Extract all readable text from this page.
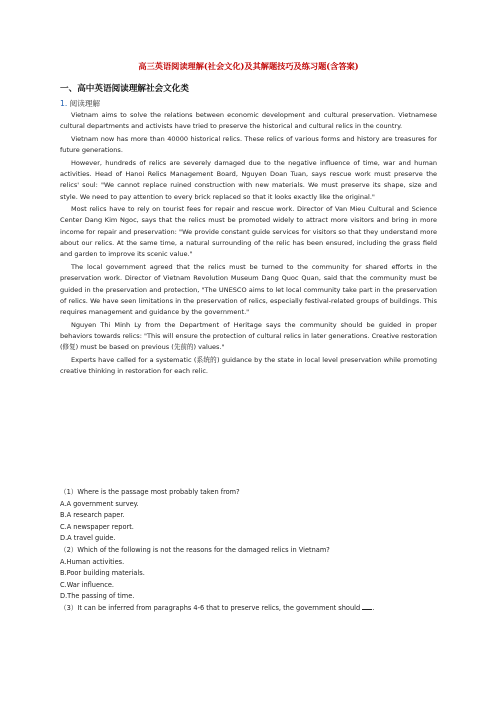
高三英语阅读理解(社会文化)及其解题技巧及练习题(含答案)
一、高中英语阅读理解社会文化类
1. 阅读理解

Vietnam aims to solve the relations between economic development and cultural preservation. Vietnamese cultural departments and activists have tried to preserve the historical and cultural relics in the country.

Vietnam now has more than 40000 historical relics. These relics of various forms and history are treasures for future generations.

However, hundreds of relics are severely damaged due to the negative influence of time, war and human activities. Head of Hanoi Relics Management Board, Nguyen Doan Tuan, says rescue work must preserve the relics' soul: "We cannot replace ruined construction with new materials. We must preserve its shape, size and style. We need to pay attention to every brick replaced so that it looks exactly like the original."

Most relics have to rely on tourist fees for repair and rescue work. Director of Van Mieu Cultural and Science Center Dang Kim Ngoc, says that the relics must be promoted widely to attract more visitors and bring in more income for repair and preservation: "We provide constant guide services for visitors so that they understand more about our relics. At the same time, a natural surrounding of the relic has been ensured, including the grass field and garden to improve its scenic value."

The local government agreed that the relics must be turned to the community for shared efforts in the preservation work. Director of Vietnam Revolution Museum Dang Quoc Quan, said that the community must be guided in the preservation and protection, "The UNESCO aims to let local community take part in the preservation of relics. We have seen limitations in the preservation of relics, especially festival-related groups of buildings. This requires management and guidance by the government."

Nguyen Thi Minh Ly from the Department of Heritage says the community should be guided in proper behaviors towards relics: "This will ensure the protection of cultural relics in later generations. Creative restoration (修复) must be based on previous (先前的) values."

Experts have called for a systematic (系统的) guidance by the state in local level preservation while promoting creative thinking in restoration for each relic.

（1）Where is the passage most probably taken from?
A.A government survey.
B.A research paper.
C.A newspaper report.
D.A travel guide.
（2）Which of the following is not the reasons for the damaged relics in Vietnam?
A.Human activities.
B.Poor building materials.
C.War influence.
D.The passing of time.
（3）It can be inferred from paragraphs 4-6 that to preserve relics, the government should .
